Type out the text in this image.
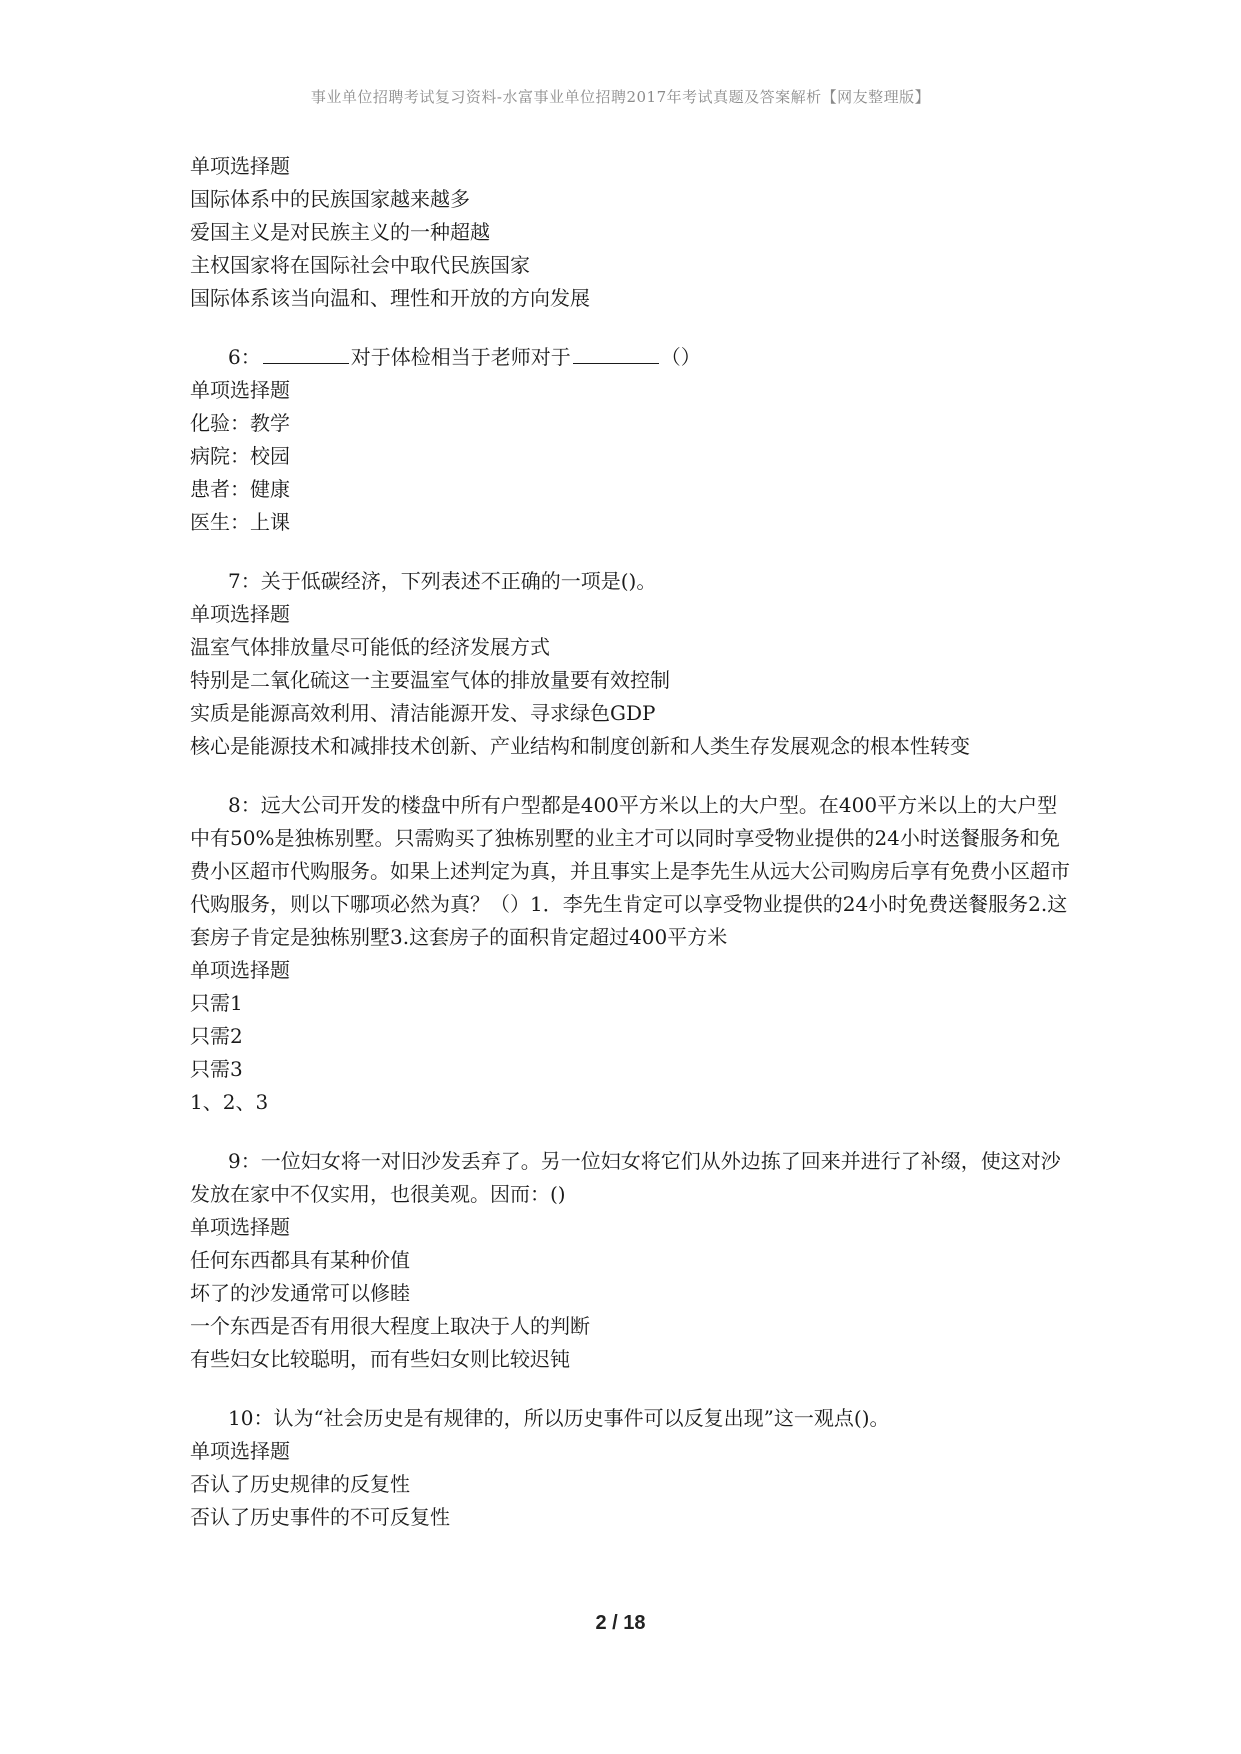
事业单位招聘考试复习资料-水富事业单位招聘2017年考试真题及答案解析【网友整理版】
单项选择题
国际体系中的民族国家越来越多
爱国主义是对民族主义的一种超越
主权国家将在国际社会中取代民族国家
国际体系该当向温和、理性和开放的方向发展
6：	对于体检相当于老师对于	（）
单项选择题
化验：教学
病院：校园
患者：健康
医生：上课
7：关于低碳经济，下列表述不正确的一项是()。
单项选择题
温室气体排放量尽可能低的经济发展方式
特别是二氧化硫这一主要温室气体的排放量要有效控制
实质是能源高效利用、清洁能源开发、寻求绿色GDP
核心是能源技术和减排技术创新、产业结构和制度创新和人类生存发展观念的根本性转变
8：远大公司开发的楼盘中所有户型都是400平方米以上的大户型。在400平方米以上的大户型中有50%是独栋别墅。只需购买了独栋别墅的业主才可以同时享受物业提供的24小时送餐服务和免费小区超市代购服务。如果上述判定为真，并且事实上是李先生从远大公司购房后享有免费小区超市代购服务，则以下哪项必然为真？（）1．李先生肯定可以享受物业提供的24小时免费送餐服务2.这套房子肯定是独栋别墅3.这套房子的面积肯定超过400平方米
单项选择题
只需1
只需2
只需3
1、2、3
9：一位妇女将一对旧沙发丢弃了。另一位妇女将它们从外边拣了回来并进行了补缀，使这对沙发放在家中不仅实用，也很美观。因而：()
单项选择题
任何东西都具有某种价值
坏了的沙发通常可以修睦
一个东西是否有用很大程度上取决于人的判断
有些妇女比较聪明，而有些妇女则比较迟钝
10：认为“社会历史是有规律的，所以历史事件可以反复出现”这一观点()。
单项选择题
否认了历史规律的反复性
否认了历史事件的不可反复性
2 / 18
